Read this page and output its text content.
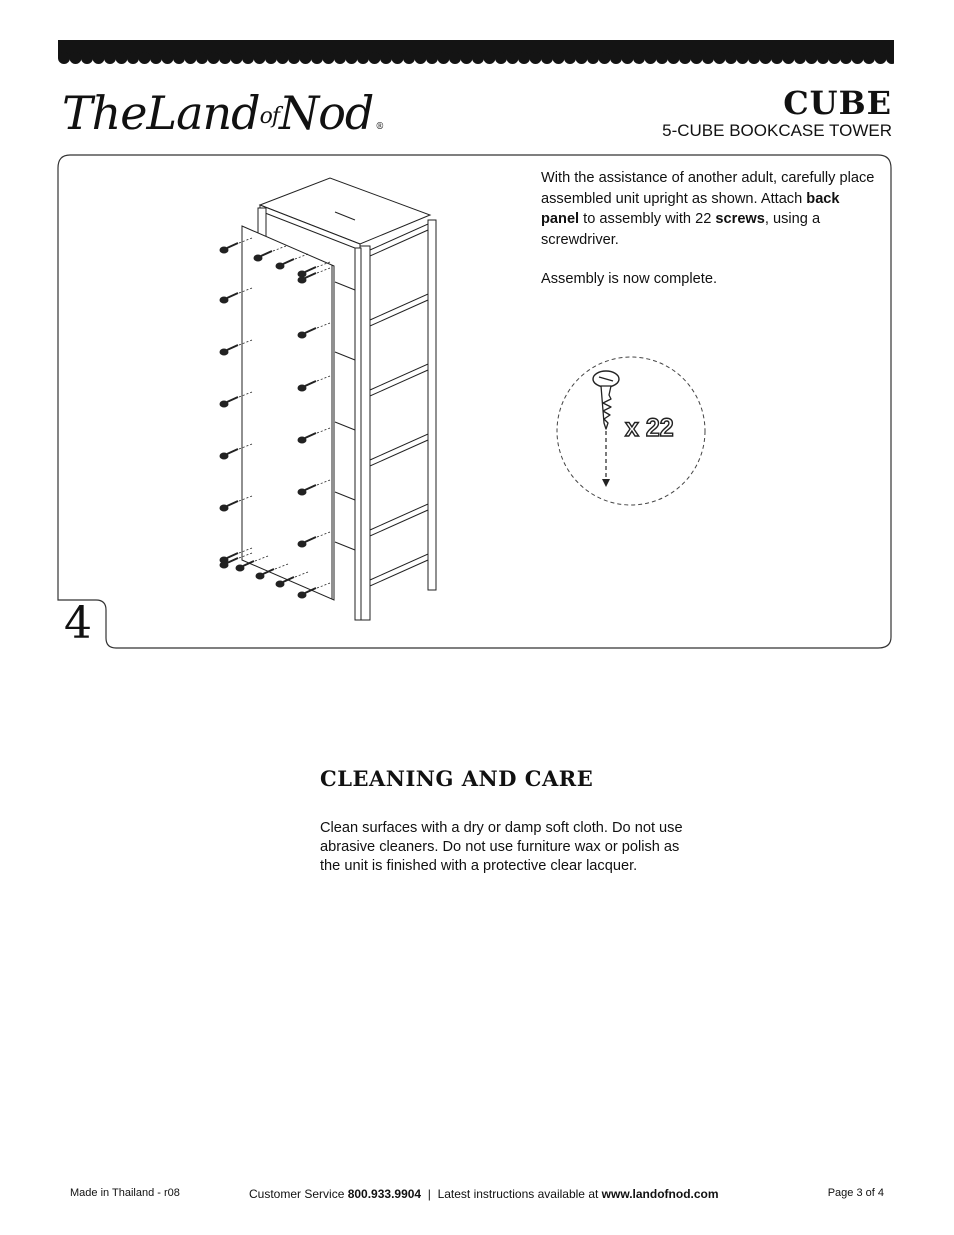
TheLandofNod ®
CUBE
5-CUBE BOOKCASE TOWER
4

With the assistance of another adult, carefully place assembled unit upright as shown. Attach back panel to assembly with 22 screws, using a screwdriver.

Assembly is now complete.

x 22
CLEANING AND CARE

Clean surfaces with a dry or damp soft cloth. Do not use abrasive cleaners. Do not use furniture wax or polish as the unit is finished with a protective clear lacquer.

Made in Thailand - r08	Customer Service 800.933.9904  |  Latest instructions available at www.landofnod.com	Page 3 of 4
